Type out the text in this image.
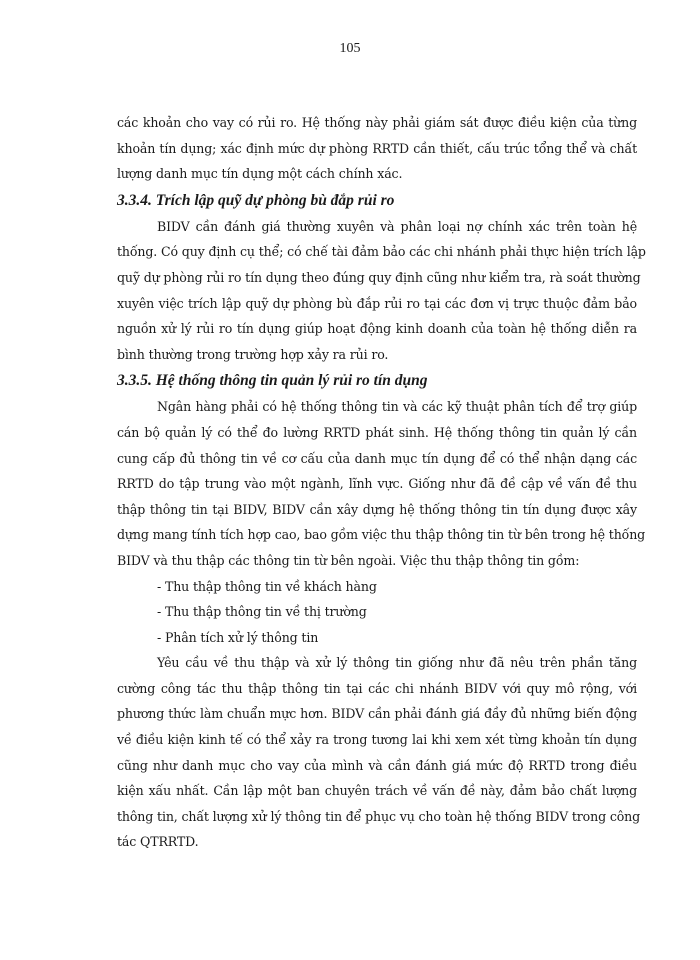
105
các khoản cho vay có rủi ro. Hệ thống này phải giám sát được điều kiện của từng
khoản tín dụng; xác định mức dự phòng RRTD cần thiết, cấu trúc tổng thể và chất
lượng danh mục tín dụng một cách chính xác.
3.3.4. Trích lập quỹ dự phòng bù đắp rủi ro
BIDV cần đánh giá thường xuyên và phân loại nợ chính xác trên toàn hệ
thống. Có quy định cụ thể; có chế tài đảm bảo các chi nhánh phải thực hiện trích lập
quỹ dự phòng rủi ro tín dụng theo đúng quy định cũng như kiểm tra, rà soát thường
xuyên việc trích lập quỹ dự phòng bù đắp rủi ro tại các đơn vị trực thuộc đảm bảo
nguồn xử lý rủi ro tín dụng giúp hoạt động kinh doanh của toàn hệ thống diễn ra
bình thường trong trường hợp xảy ra rủi ro.
3.3.5. Hệ thống thông tin quản lý rủi ro tín dụng
Ngân hàng phải có hệ thống thông tin và các kỹ thuật phân tích để trợ giúp
cán bộ quản lý có thể đo lường RRTD phát sinh. Hệ thống thông tin quản lý cần
cung cấp đủ thông tin về cơ cấu của danh mục tín dụng để có thể nhận dạng các
RRTD do tập trung vào một ngành, lĩnh vực. Giống như đã đề cập về vấn đề thu
thập thông tin tại BIDV, BIDV cần xây dựng hệ thống thông tin tín dụng được xây
dựng mang tính tích hợp cao, bao gồm việc thu thập thông tin từ bên trong hệ thống
BIDV và thu thập các thông tin từ bên ngoài. Việc thu thập thông tin gồm:
- Thu thập thông tin về khách hàng
- Thu thập thông tin về thị trường
- Phân tích xử lý thông tin
Yêu cầu về thu thập và xử lý thông tin giống như đã nêu trên phần tăng
cường công tác thu thập thông tin tại các chi nhánh BIDV với quy mô rộng, với
phương thức làm chuẩn mực hơn. BIDV cần phải đánh giá đầy đủ những biến động
về điều kiện kinh tế có thể xảy ra trong tương lai khi xem xét từng khoản tín dụng
cũng như danh mục cho vay của mình và cần đánh giá mức độ RRTD trong điều
kiện xấu nhất. Cần lập một ban chuyên trách về vấn đề này, đảm bảo chất lượng
thông tin, chất lượng xử lý thông tin để phục vụ cho toàn hệ thống BIDV trong công
tác QTRRTD.
